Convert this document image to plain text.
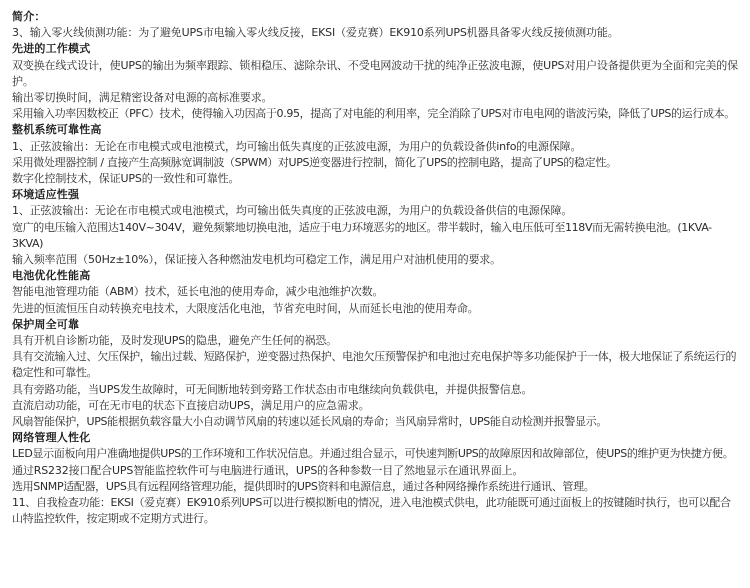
简介：

3、输入零火线侦测功能：为了避免UPS市电输入零火线反接，EKSI（爱克赛）EK910系列UPS机器具备零火线反接侦测功能。

先进的工作模式

双变换在线式设计，使UPS的输出为频率跟踪、锁相稳压、滤除杂讯、不受电网波动干扰的纯净正弦波电源，使UPS对用户设备提供更为全面和完美的保护。

输出零切换时间，满足精密设备对电源的高标准要求。

采用输入功率因数校正（PFC）技术，使得输入功因高于0.95，提高了对电能的利用率，完全消除了UPS对市电电网的谐波污染，降低了UPS的运行成本。

整机系统可靠性高

1、正弦波输出：无论在市电模式或电池模式，均可输出低失真度的正弦波电源，为用户的负载设备供info的电源保障。

采用微处理器控制 / 直接产生高频脉宽调制波（SPWM）对UPS逆变器进行控制，简化了UPS的控制电路，提高了UPS的稳定性。

数字化控制技术，保证UPS的一致性和可靠性。

环境适应性强

1、正弦波输出：无论在市电模式或电池模式，均可输出低失真度的正弦波电源，为用户的负载设备供信的电源保障。

宽广的电压输入范围达140V~304V，避免频繁地切换电池，适应于电力环境恶劣的地区。带半载时，输入电压低可至118V而无需转换电池。(1KVA-3KVA)

输入频率范围（50Hz±10%），保证接入各种燃油发电机均可稳定工作，满足用户对油机使用的要求。

电池优化性能高

智能电池管理功能（ABM）技术，延长电池的使用寿命，减少电池维护次数。

先进的恒流恒压自动转换充电技术，大限度活化电池，节省充电时间，从而延长电池的使用寿命。

保护周全可靠

具有开机自诊断功能，及时发现UPS的隐患，避免产生任何的祸恐。

具有交流输入过、欠压保护，输出过载、短路保护，逆变器过热保护、电池欠压预警保护和电池过充电保护等多功能保护于一体，极大地保证了系统运行的稳定性和可靠性。

具有旁路功能，当UPS发生故障时，可无间断地转到旁路工作状态由市电继续向负载供电，并提供报警信息。

直流启动功能，可在无市电的状态下直接启动UPS，满足用户的应急需求。

风扇智能保护，UPS能根据负载容量大小自动调节风扇的转速以延长风扇的寿命；当风扇异常时，UPS能自动检测并报警显示。

网络管理人性化

LED显示面板向用户准确地提供UPS的工作环境和工作状况信息。并通过组合显示，可快速判断UPS的故障原因和故障部位，使UPS的维护更为快捷方便。

通过RS232接口配合UPS智能监控软件可与电脑进行通讯，UPS的各种参数一目了然地显示在通讯界面上。

选用SNMP适配器，UPS具有远程网络管理功能，提供即时的UPS资料和电源信息，通过各种网络操作系统进行通讯、管理。

11、自我检查功能：EKSI（爱克赛）EK910系列UPS可以进行模拟断电的情况，进入电池模式供电，此功能既可通过面板上的按键随时执行，也可以配合山特监控软件，按定期或不定期方式进行。
